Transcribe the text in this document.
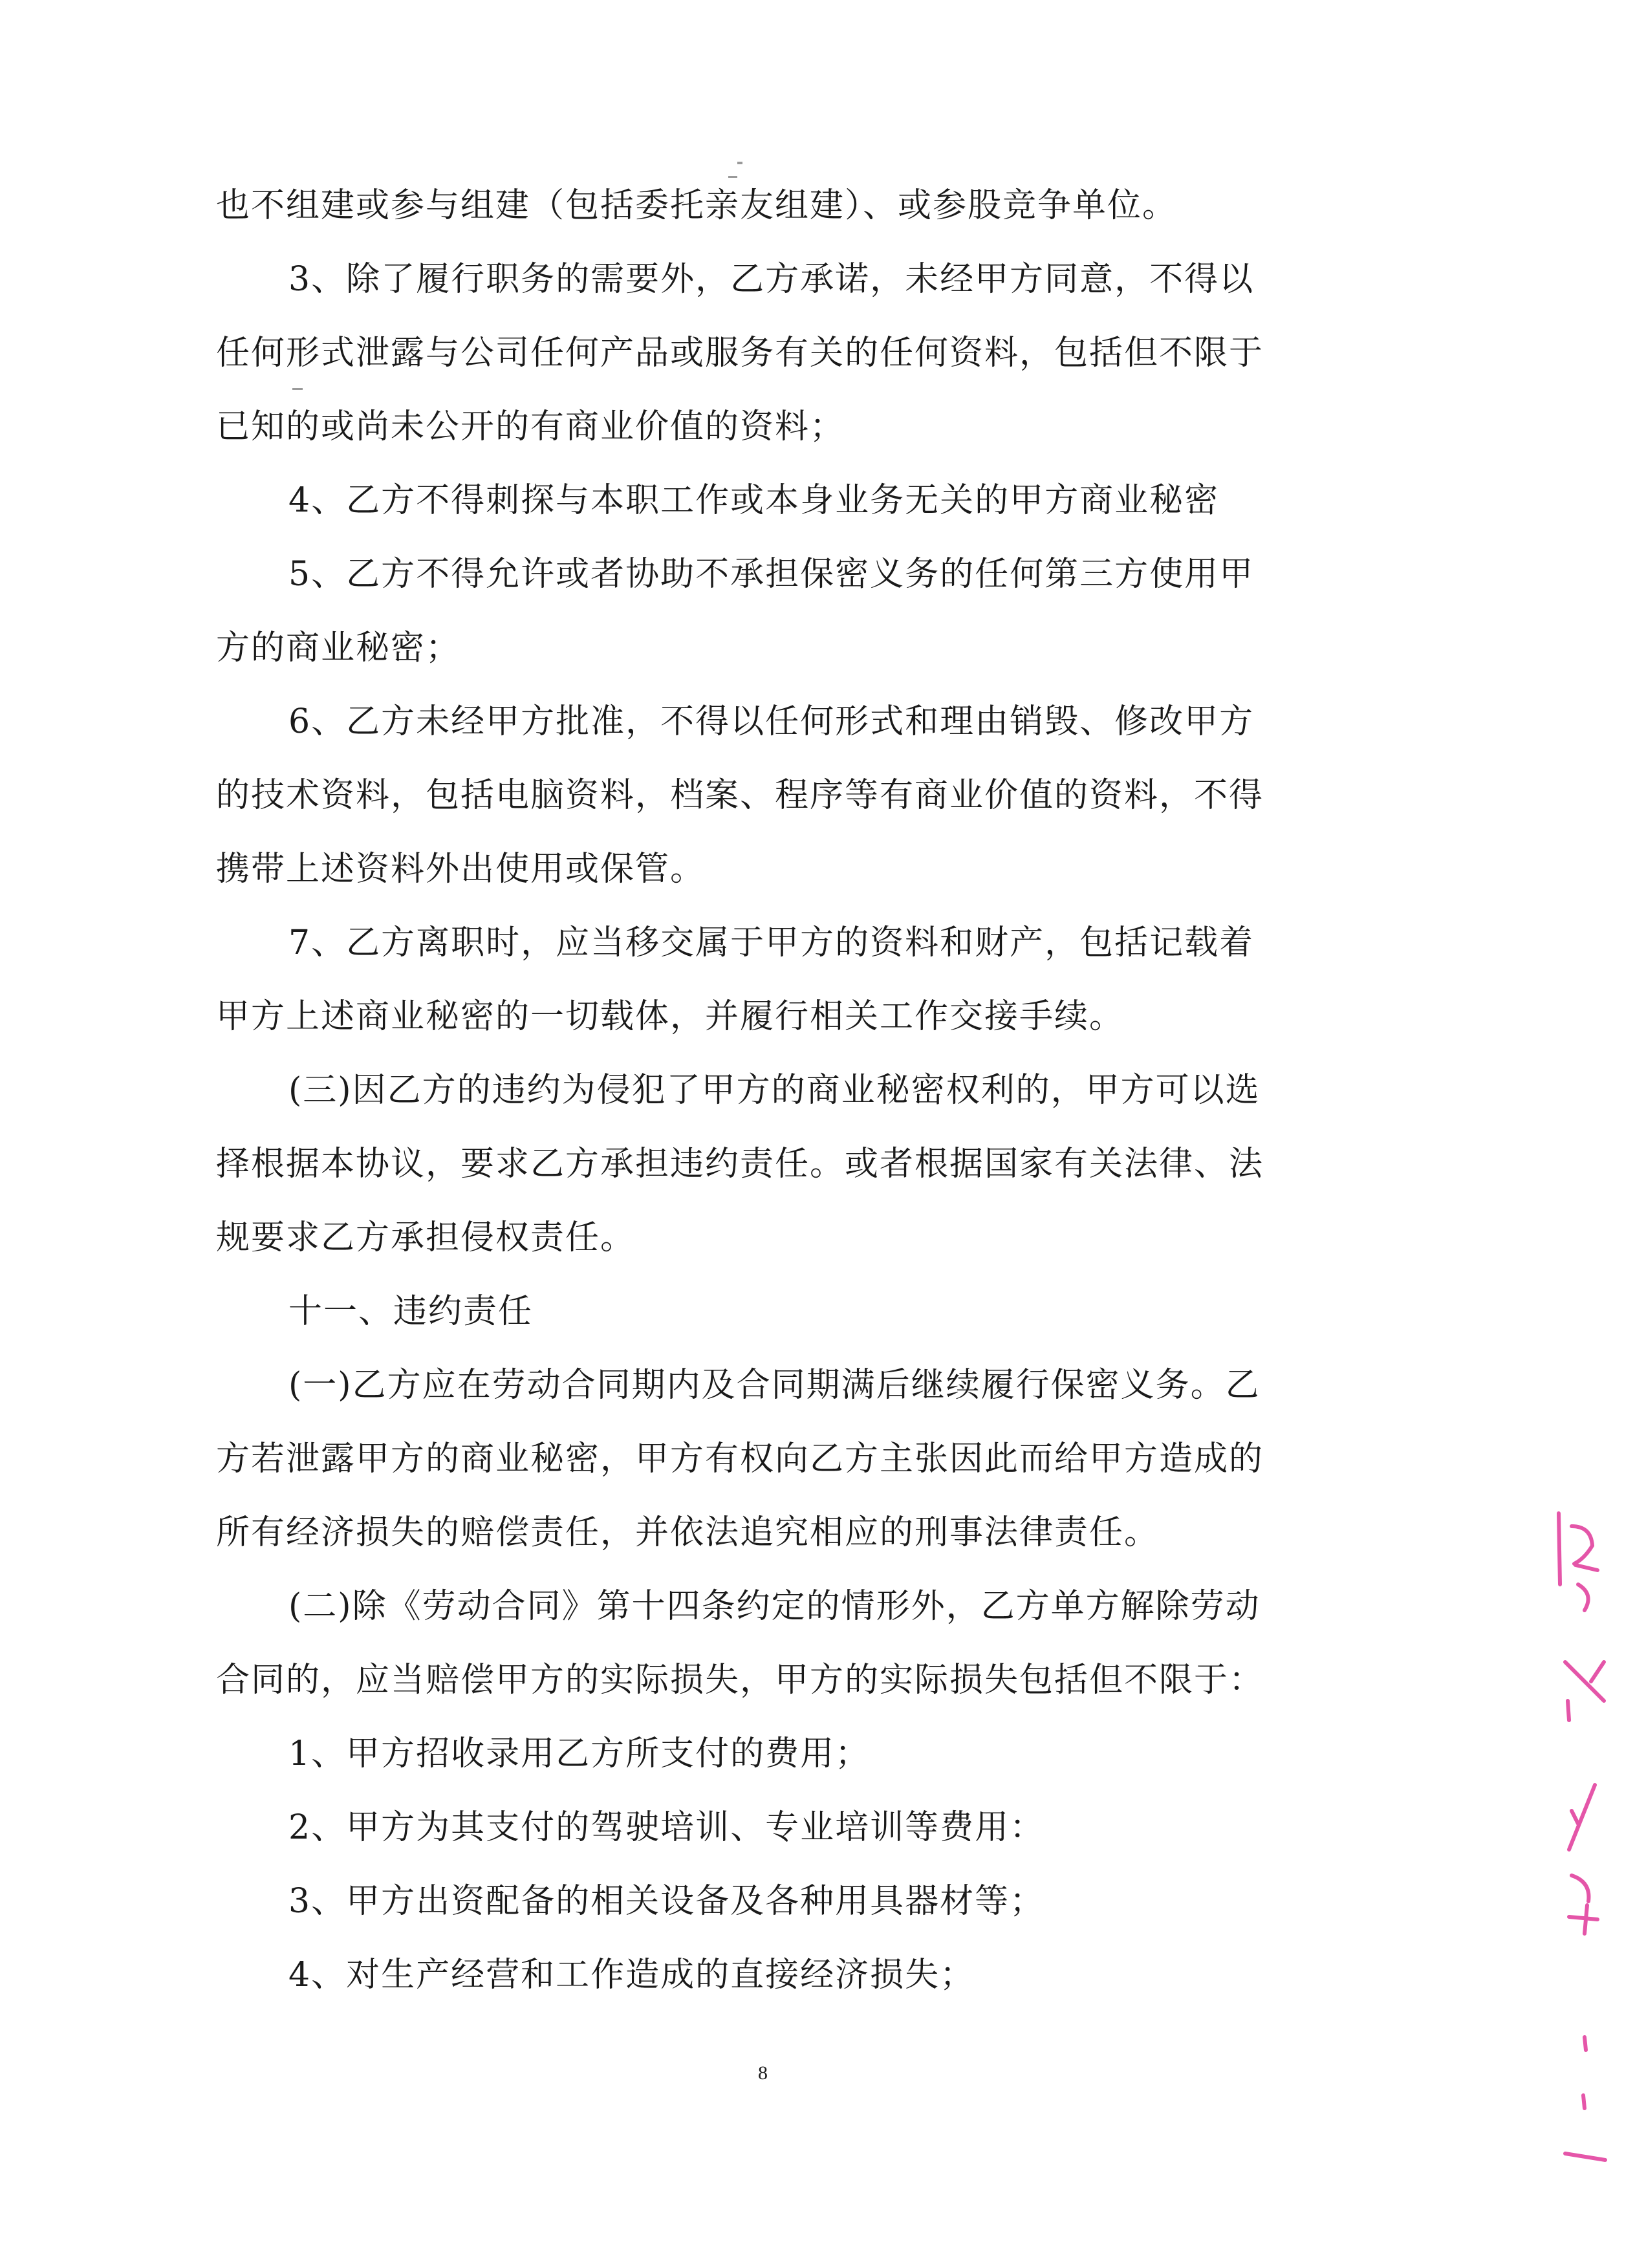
也不组建或参与组建（包括委托亲友组建）、或参股竞争单位。
3、除了履行职务的需要外，乙方承诺，未经甲方同意，不得以
任何形式泄露与公司任何产品或服务有关的任何资料，包括但不限于
已知的或尚未公开的有商业价值的资料；
4、乙方不得刺探与本职工作或本身业务无关的甲方商业秘密
5、乙方不得允许或者协助不承担保密义务的任何第三方使用甲
方的商业秘密；
6、乙方未经甲方批准，不得以任何形式和理由销毁、修改甲方
的技术资料，包括电脑资料，档案、程序等有商业价值的资料，不得
携带上述资料外出使用或保管。
7、乙方离职时，应当移交属于甲方的资料和财产，包括记载着
甲方上述商业秘密的一切载体，并履行相关工作交接手续。
(三)因乙方的违约为侵犯了甲方的商业秘密权利的，甲方可以选
择根据本协议，要求乙方承担违约责任。或者根据国家有关法律、法
规要求乙方承担侵权责任。
十一、违约责任
(一)乙方应在劳动合同期内及合同期满后继续履行保密义务。乙
方若泄露甲方的商业秘密，甲方有权向乙方主张因此而给甲方造成的
所有经济损失的赔偿责任，并依法追究相应的刑事法律责任。
(二)除《劳动合同》第十四条约定的情形外，乙方单方解除劳动
合同的，应当赔偿甲方的实际损失，甲方的实际损失包括但不限于：
1、甲方招收录用乙方所支付的费用；
2、甲方为其支付的驾驶培训、专业培训等费用：
3、甲方出资配备的相关设备及各种用具器材等；
4、对生产经营和工作造成的直接经济损失；
8
